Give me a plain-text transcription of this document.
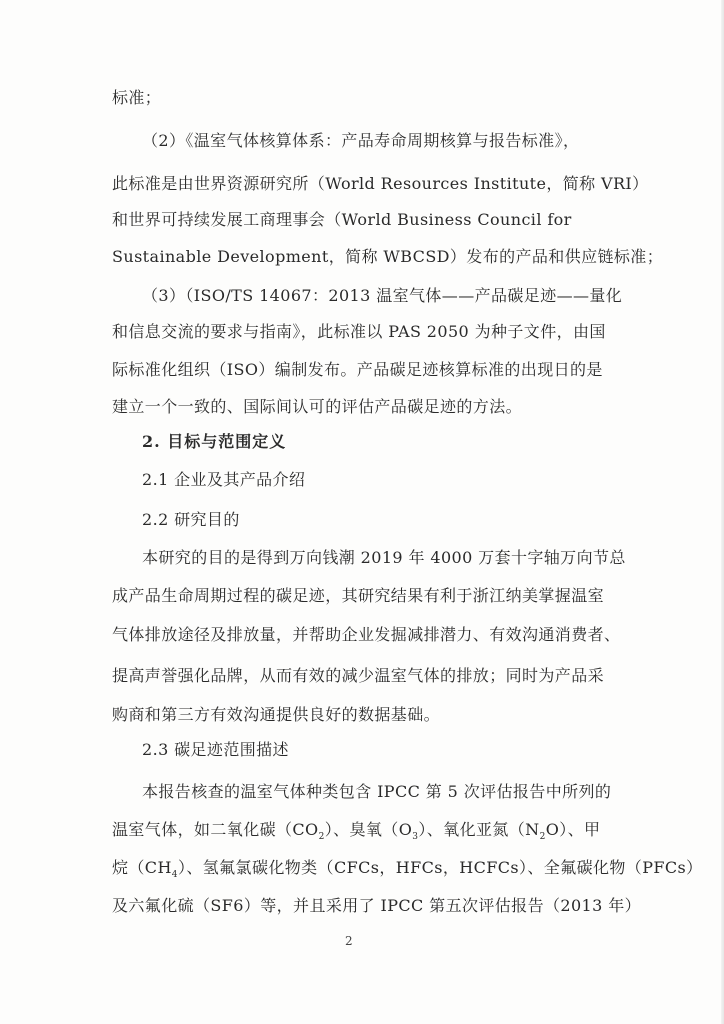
标准；
（2）《温室气体核算体系：产品寿命周期核算与报告标准》，
此标准是由世界资源研究所（World Resources Institute，简称 VRI）
和世界可持续发展工商理事会（World Business Council for
Sustainable Development，简称 WBCSD）发布的产品和供应链标准；
（3）（ISO/TS 14067：2013 温室气体——产品碳足迹——量化
和信息交流的要求与指南》，此标准以 PAS 2050 为种子文件，由国
际标准化组织（ISO）编制发布。产品碳足迹核算标准的出现日的是
建立一个一致的、国际间认可的评估产品碳足迹的方法。
2. 目标与范围定义
2.1 企业及其产品介绍
2.2 研究目的
本研究的目的是得到万向钱潮 2019 年 4000 万套十字轴万向节总
成产品生命周期过程的碳足迹，其研究结果有利于浙江纳美掌握温室
气体排放途径及排放量，并帮助企业发掘减排潜力、有效沟通消费者、
提高声誉强化品牌，从而有效的减少温室气体的排放；同时为产品采
购商和第三方有效沟通提供良好的数据基础。
2.3 碳足迹范围描述
本报告核查的温室气体种类包含 IPCC 第 5 次评估报告中所列的
温室气体，如二氧化碳$(CO_2)$、臭氧$(O_3)$、氧化亚氮$(N_2O)$、甲
烷$(CH_4)$、氢氟氯碳化物类（CFCs，HFCs，HCFCs）、全氟碳化物（PFCs）
及六氟化硫（SF6）等，并且采用了 IPCC 第五次评估报告（2013 年）
2
